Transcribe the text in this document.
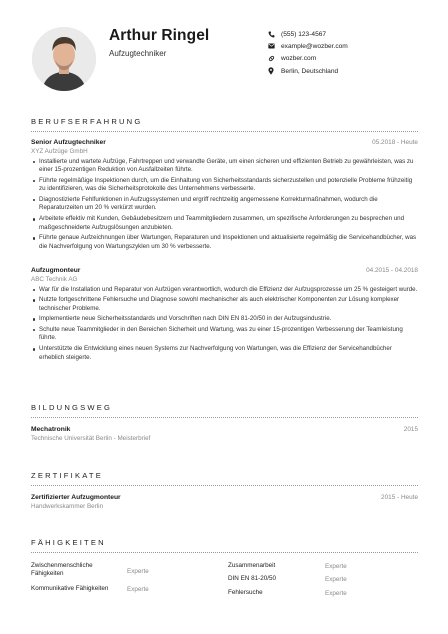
Arthur Ringel
Aufzugtechniker
(555) 123-4567
example@wozber.com
wozber.com
Berlin, Deutschland
BERUFSERFAHRUNG
Senior Aufzugtechniker	05.2018 - Heute
XYZ Aufzüge GmbH
Installierte und wartete Aufzüge, Fahrtreppen und verwandte Geräte, um einen sicheren und effizienten Betrieb zu gewährleisten, was zu einer 15-prozentigen Reduktion von Ausfallzeiten führte.
Führte regelmäßige Inspektionen durch, um die Einhaltung von Sicherheitsstandards sicherzustellen und potenzielle Probleme frühzeitig zu identifizieren, was die Sicherheitsprotokolle des Unternehmens verbesserte.
Diagnostizierte Fehlfunktionen in Aufzugssystemen und ergriff rechtzeitig angemessene Korrekturmaßnahmen, wodurch die Reparaturzeiten um 20 % verkürzt wurden.
Arbeitete effektiv mit Kunden, Gebäudebesitzern und Teammitgliedern zusammen, um spezifische Anforderungen zu besprechen und maßgeschneiderte Aufzugslösungen anzubieten.
Führte genaue Aufzeichnungen über Wartungen, Reparaturen und Inspektionen und aktualisierte regelmäßig die Servicehandbücher, was die Nachverfolgung von Wartungszyklen um 30 % verbesserte.
Aufzugmonteur	04.2015 - 04.2018
ABC Technik AG
War für die Installation und Reparatur von Aufzügen verantwortlich, wodurch die Effizienz der Aufzugsprozesse um 25 % gesteigert wurde.
Nutzte fortgeschrittene Fehlersuche und Diagnose sowohl mechanischer als auch elektrischer Komponenten zur Lösung komplexer technischer Probleme.
Implementierte neue Sicherheitsstandards und Vorschriften nach DIN EN 81-20/50 in der Aufzugsindustrie.
Schulte neue Teammitglieder in den Bereichen Sicherheit und Wartung, was zu einer 15-prozentigen Verbesserung der Teamleistung führte.
Unterstützte die Entwicklung eines neuen Systems zur Nachverfolgung von Wartungen, was die Effizienz der Servicehandbücher erheblich steigerte.
BILDUNGSWEG
Mechatronik	2015
Technische Universität Berlin - Meisterbrief
ZERTIFIKATE
Zertifizierter Aufzugmonteur	2015 - Heute
Handwerkskammer Berlin
FÄHIGKEITEN
Zwischenmenschliche Fähigkeiten	Experte
Zusammenarbeit	Experte
Kommunikative Fähigkeiten	Experte
DIN EN 81-20/50	Experte
Fehlersuche	Experte
